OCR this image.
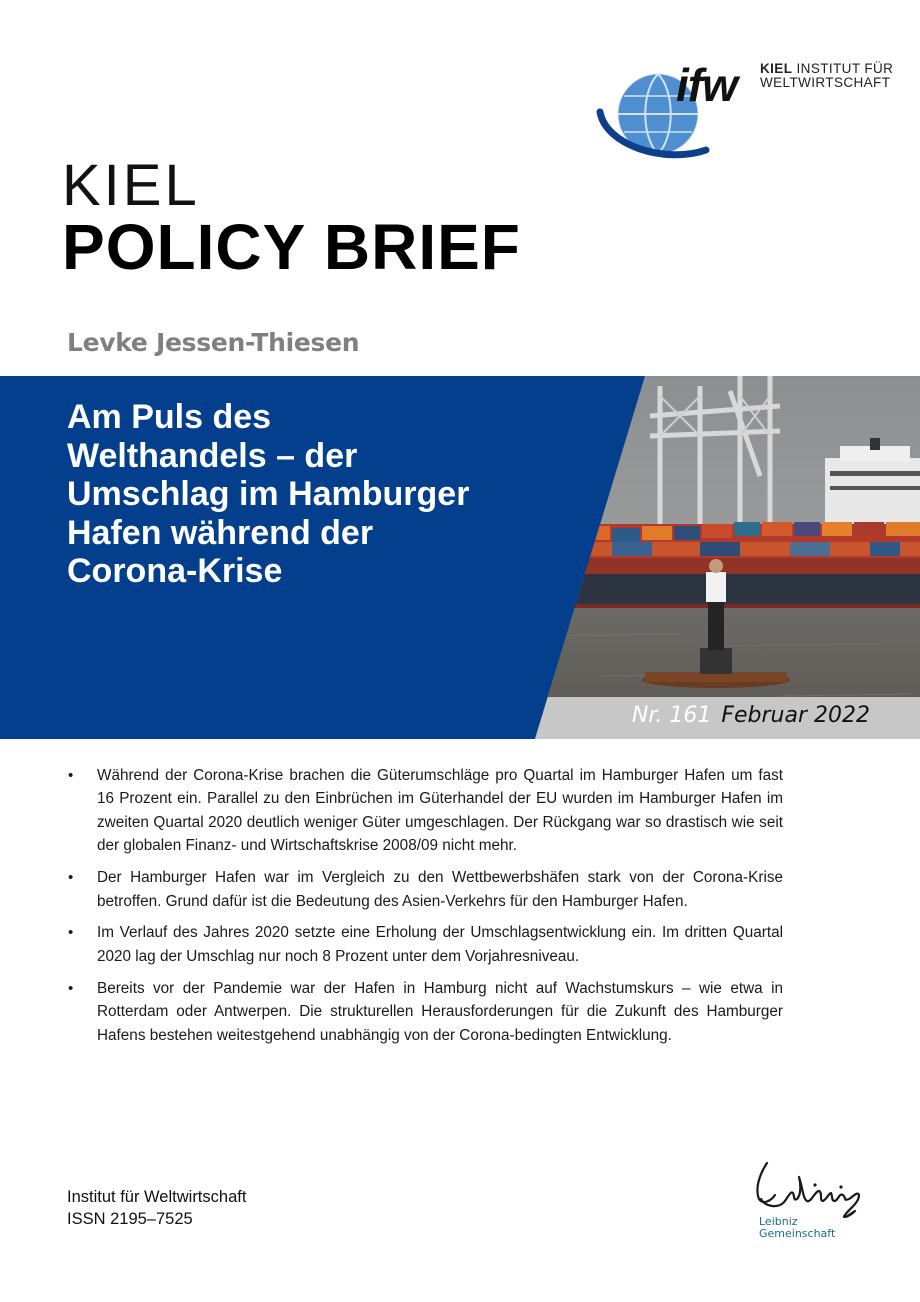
ifw KIEL INSTITUT FÜR
WELTWIRTSCHAFT
KIEL
POLICY BRIEF
Levke Jessen-Thiesen
Am Puls des
Welthandels – der
Umschlag im Hamburger
Hafen während der
Corona-Krise
Nr. 161 Februar 2022
• Während der Corona-Krise brachen die Güterumschläge pro Quartal im Hamburger Hafen um fast 16 Prozent ein. Parallel zu den Einbrüchen im Güterhandel der EU wurden im Hamburger Hafen im zweiten Quartal 2020 deutlich weniger Güter umgeschlagen. Der Rückgang war so drastisch wie seit der globalen Finanz- und Wirtschaftskrise 2008/09 nicht mehr.
• Der Hamburger Hafen war im Vergleich zu den Wettbewerbshäfen stark von der Corona-Krise betroffen. Grund dafür ist die Bedeutung des Asien-Verkehrs für den Hamburger Hafen.
• Im Verlauf des Jahres 2020 setzte eine Erholung der Umschlagsentwicklung ein. Im dritten Quartal 2020 lag der Umschlag nur noch 8 Prozent unter dem Vorjahresniveau.
• Bereits vor der Pandemie war der Hafen in Hamburg nicht auf Wachstumskurs – wie etwa in Rotterdam oder Antwerpen. Die strukturellen Herausforderungen für die Zukunft des Hamburger Hafens bestehen weitestgehend unabhängig von der Corona-bedingten Entwicklung.
Institut für Weltwirtschaft
ISSN 2195–7525	Leibniz
Gemeinschaft
